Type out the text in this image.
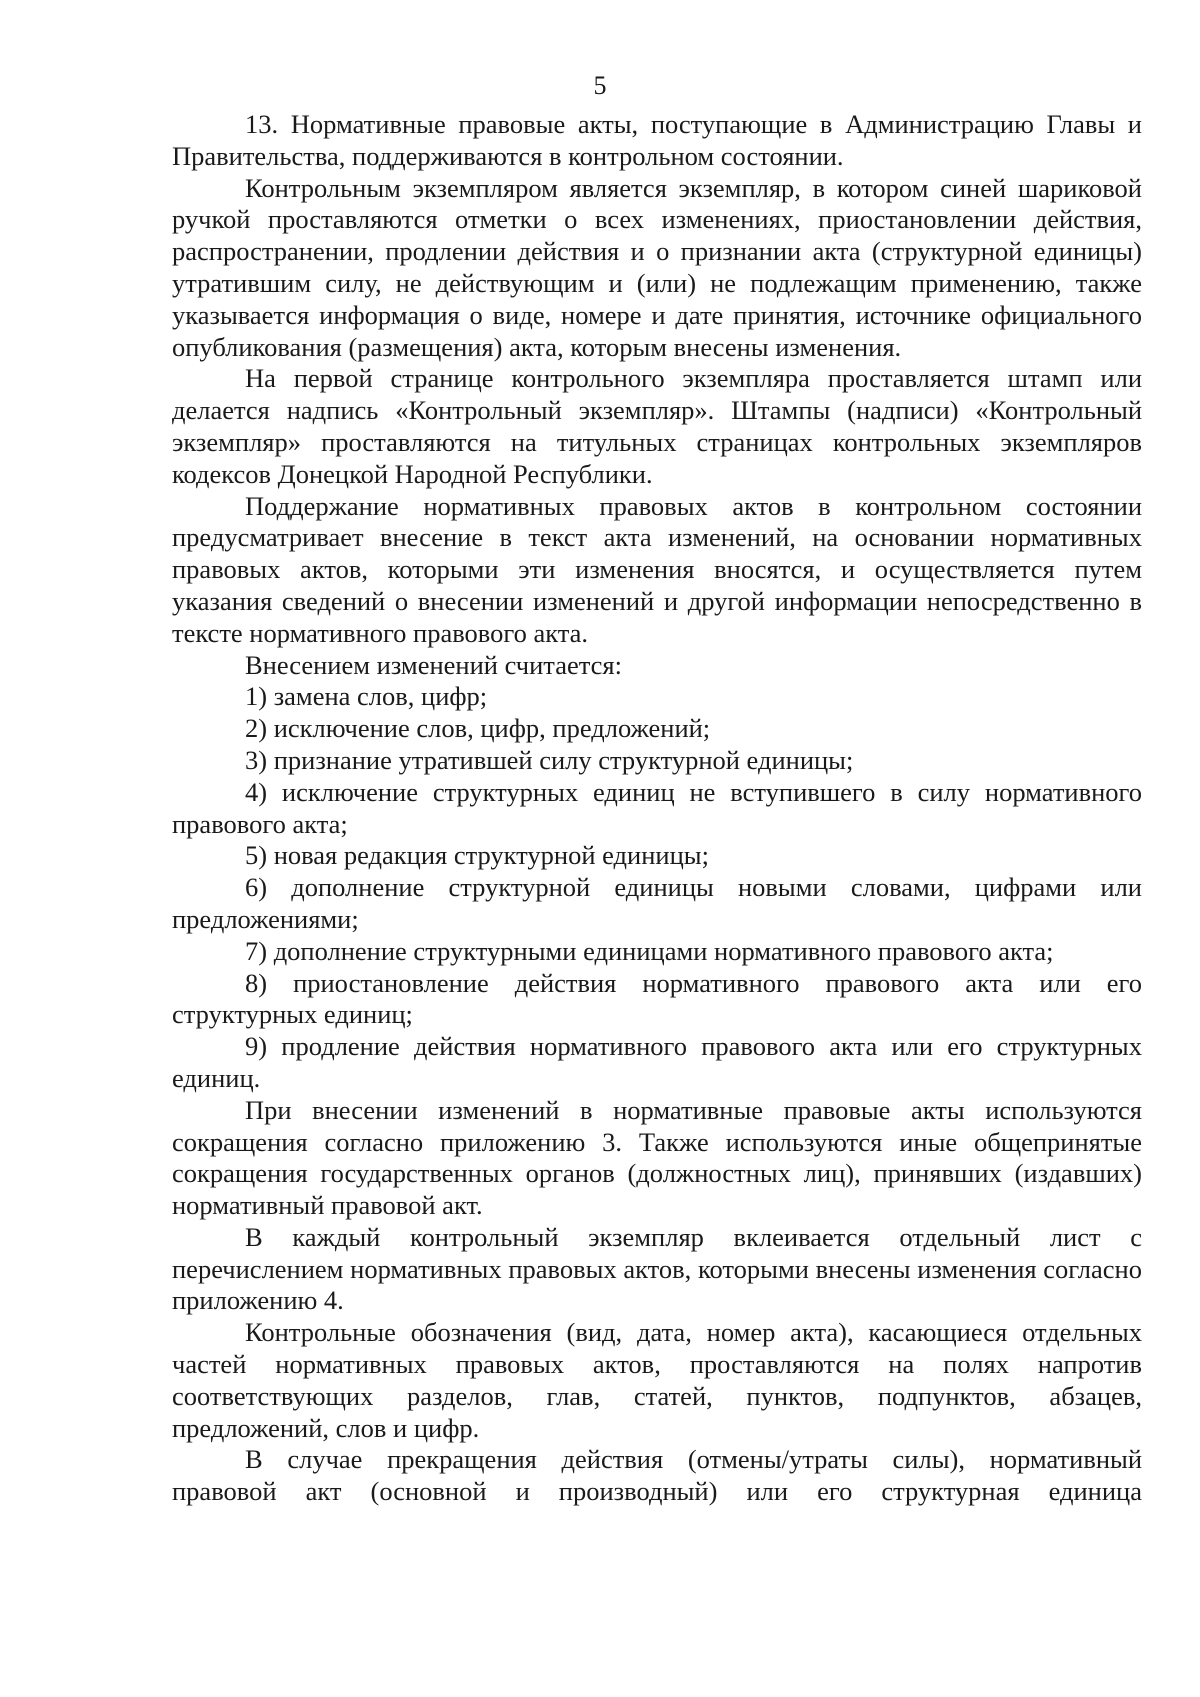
5

13. Нормативные правовые акты, поступающие в Администрацию Главы и Правительства, поддерживаются в контрольном состоянии.

Контрольным экземпляром является экземпляр, в котором синей шариковой ручкой проставляются отметки о всех изменениях, приостановлении действия, распространении, продлении действия и о признании акта (структурной единицы) утратившим силу, не действующим и (или) не подлежащим применению, также указывается информация о виде, номере и дате принятия, источнике официального опубликования (размещения) акта, которым внесены изменения.

На первой странице контрольного экземпляра проставляется штамп или делается надпись «Контрольный экземпляр». Штампы (надписи) «Контрольный экземпляр» проставляются на титульных страницах контрольных экземпляров кодексов Донецкой Народной Республики.

Поддержание нормативных правовых актов в контрольном состоянии предусматривает внесение в текст акта изменений, на основании нормативных правовых актов, которыми эти изменения вносятся, и осуществляется путем указания сведений о внесении изменений и другой информации непосредственно в тексте нормативного правового акта.

Внесением изменений считается:

1) замена слов, цифр;

2) исключение слов, цифр, предложений;

3) признание утратившей силу структурной единицы;

4) исключение структурных единиц не вступившего в силу нормативного правового акта;

5) новая редакция структурной единицы;

6) дополнение структурной единицы новыми словами, цифрами или предложениями;

7) дополнение структурными единицами нормативного правового акта;

8) приостановление действия нормативного правового акта или его структурных единиц;

9) продление действия нормативного правового акта или его структурных единиц.

При внесении изменений в нормативные правовые акты используются сокращения согласно приложению 3. Также используются иные общепринятые сокращения государственных органов (должностных лиц), принявших (издавших) нормативный правовой акт.

В каждый контрольный экземпляр вклеивается отдельный лист с перечислением нормативных правовых актов, которыми внесены изменения согласно приложению 4.

Контрольные обозначения (вид, дата, номер акта), касающиеся отдельных частей нормативных правовых актов, проставляются на полях напротив соответствующих разделов, глав, статей, пунктов, подпунктов, абзацев, предложений, слов и цифр.

В случае прекращения действия (отмены/утраты силы), нормативный правовой акт (основной и производный) или его структурная единица
